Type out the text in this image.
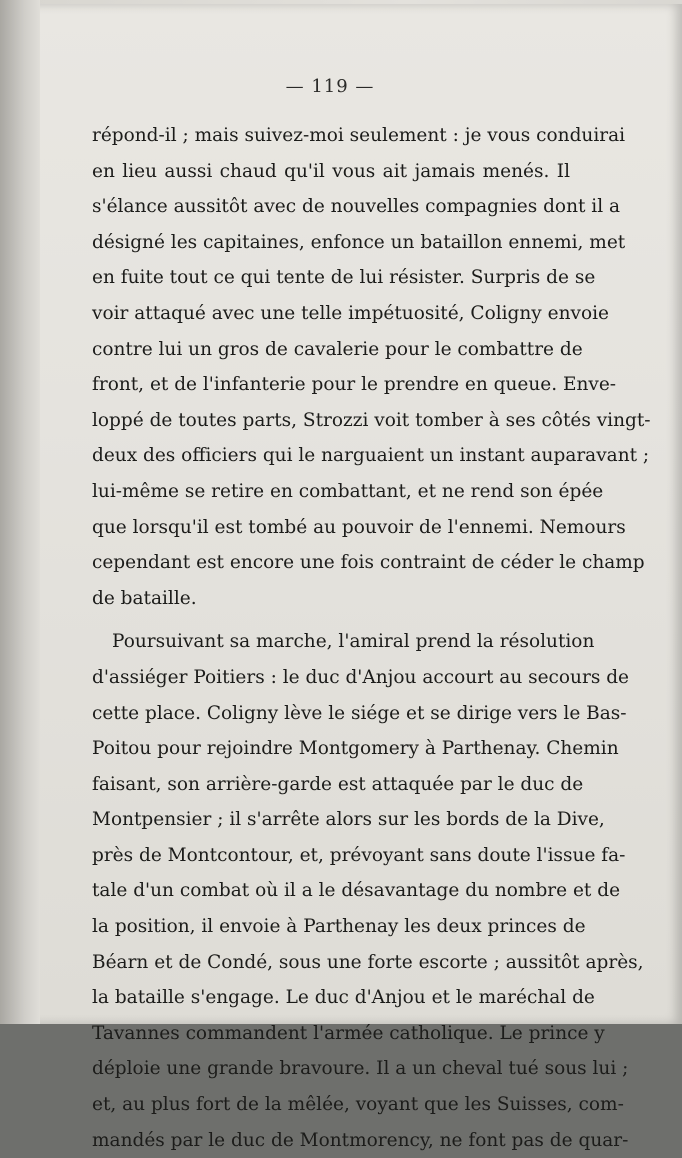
— 119 —
répond-il ; mais suivez-moi seulement : je vous conduirai
en lieu aussi chaud qu'il vous ait jamais menés. Il
s'élance aussitôt avec de nouvelles compagnies dont il a
désigné les capitaines, enfonce un bataillon ennemi, met
en fuite tout ce qui tente de lui résister. Surpris de se
voir attaqué avec une telle impétuosité, Coligny envoie
contre lui un gros de cavalerie pour le combattre de
front, et de l'infanterie pour le prendre en queue. Enve-
loppé de toutes parts, Strozzi voit tomber à ses côtés vingt-
deux des officiers qui le narguaient un instant auparavant ;
lui-même se retire en combattant, et ne rend son épée
que lorsqu'il est tombé au pouvoir de l'ennemi. Nemours
cependant est encore une fois contraint de céder le champ
de bataille.
Poursuivant sa marche, l'amiral prend la résolution
d'assiéger Poitiers : le duc d'Anjou accourt au secours de
cette place. Coligny lève le siége et se dirige vers le Bas-
Poitou pour rejoindre Montgomery à Parthenay. Chemin
faisant, son arrière-garde est attaquée par le duc de
Montpensier ; il s'arrête alors sur les bords de la Dive,
près de Montcontour, et, prévoyant sans doute l'issue fa-
tale d'un combat où il a le désavantage du nombre et de
la position, il envoie à Parthenay les deux princes de
Béarn et de Condé, sous une forte escorte ; aussitôt après,
la bataille s'engage. Le duc d'Anjou et le maréchal de
Tavannes commandent l'armée catholique. Le prince y
déploie une grande bravoure. Il a un cheval tué sous lui ;
et, au plus fort de la mêlée, voyant que les Suisses, com-
mandés par le duc de Montmorency, ne font pas de quar-
